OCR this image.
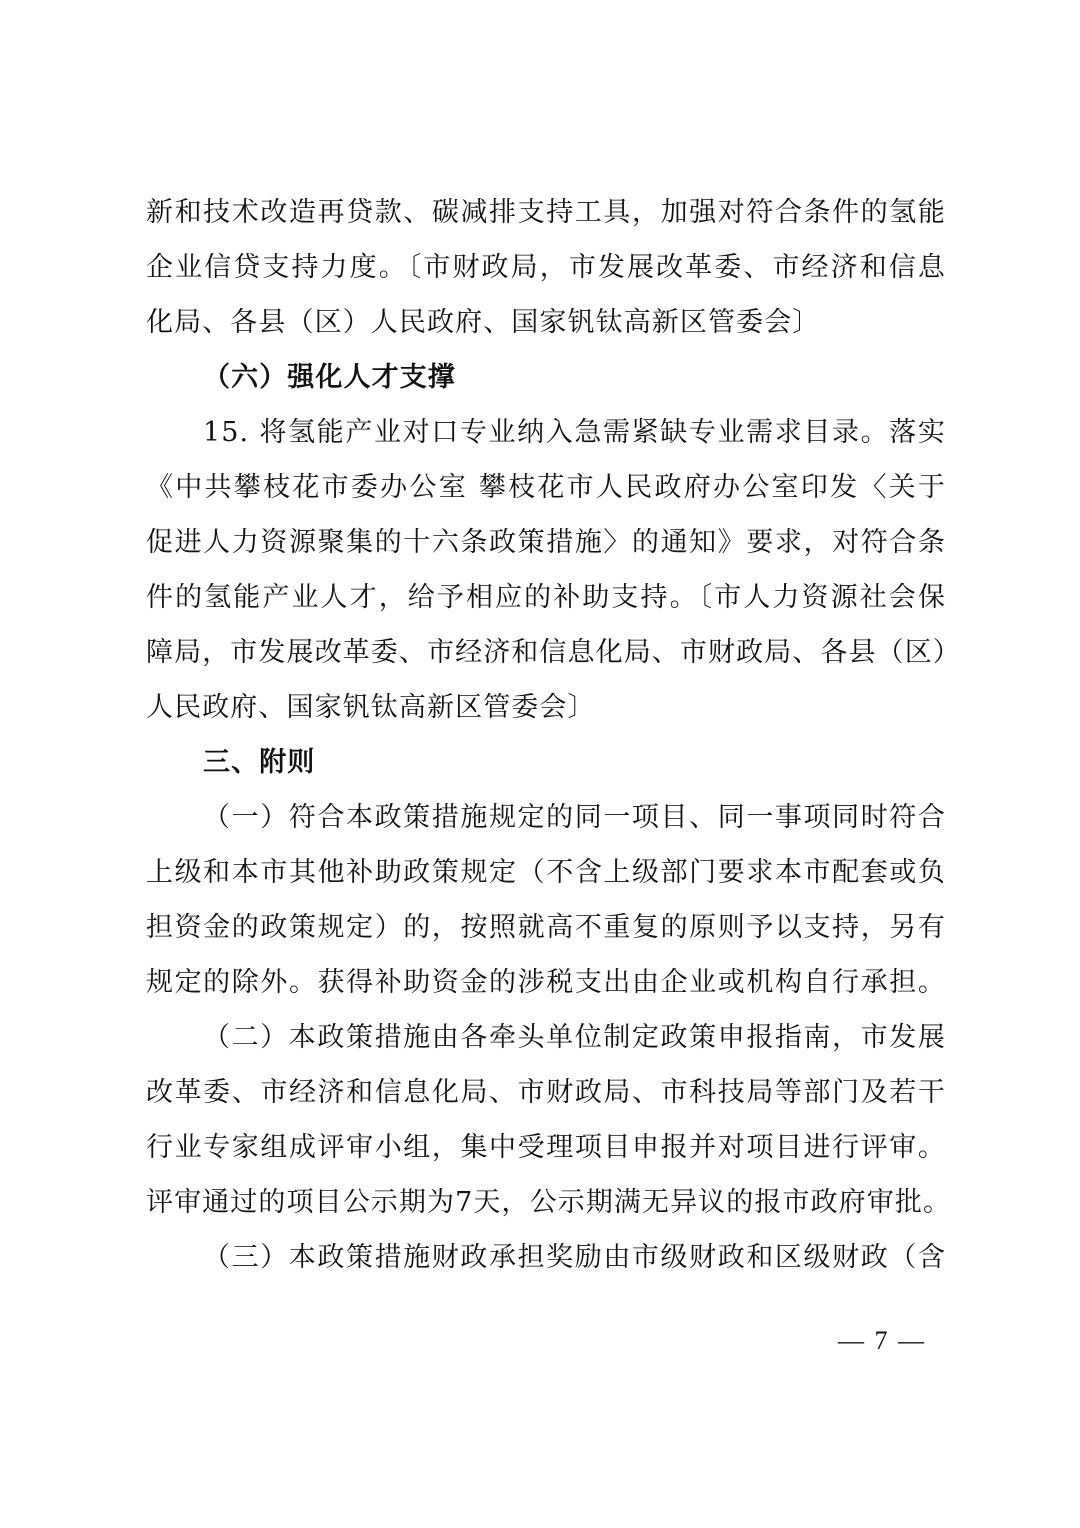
新和技术改造再贷款、碳减排支持工具，加强对符合条件的氢能
企业信贷支持力度。〔市财政局，市发展改革委、市经济和信息
化局、各县（区）人民政府、国家钒钛高新区管委会〕
（六）强化人才支撑
15. 将氢能产业对口专业纳入急需紧缺专业需求目录。落实
《中共攀枝花市委办公室 攀枝花市人民政府办公室印发〈关于
促进人力资源聚集的十六条政策措施〉的通知》要求，对符合条
件的氢能产业人才，给予相应的补助支持。〔市人力资源社会保
障局，市发展改革委、市经济和信息化局、市财政局、各县（区）
人民政府、国家钒钛高新区管委会〕
三、附则
（一）符合本政策措施规定的同一项目、同一事项同时符合
上级和本市其他补助政策规定（不含上级部门要求本市配套或负
担资金的政策规定）的，按照就高不重复的原则予以支持，另有
规定的除外。获得补助资金的涉税支出由企业或机构自行承担。
（二）本政策措施由各牵头单位制定政策申报指南，市发展
改革委、市经济和信息化局、市财政局、市科技局等部门及若干
行业专家组成评审小组，集中受理项目申报并对项目进行评审。
评审通过的项目公示期为7天，公示期满无异议的报市政府审批。
（三）本政策措施财政承担奖励由市级财政和区级财政（含
— 7 —
